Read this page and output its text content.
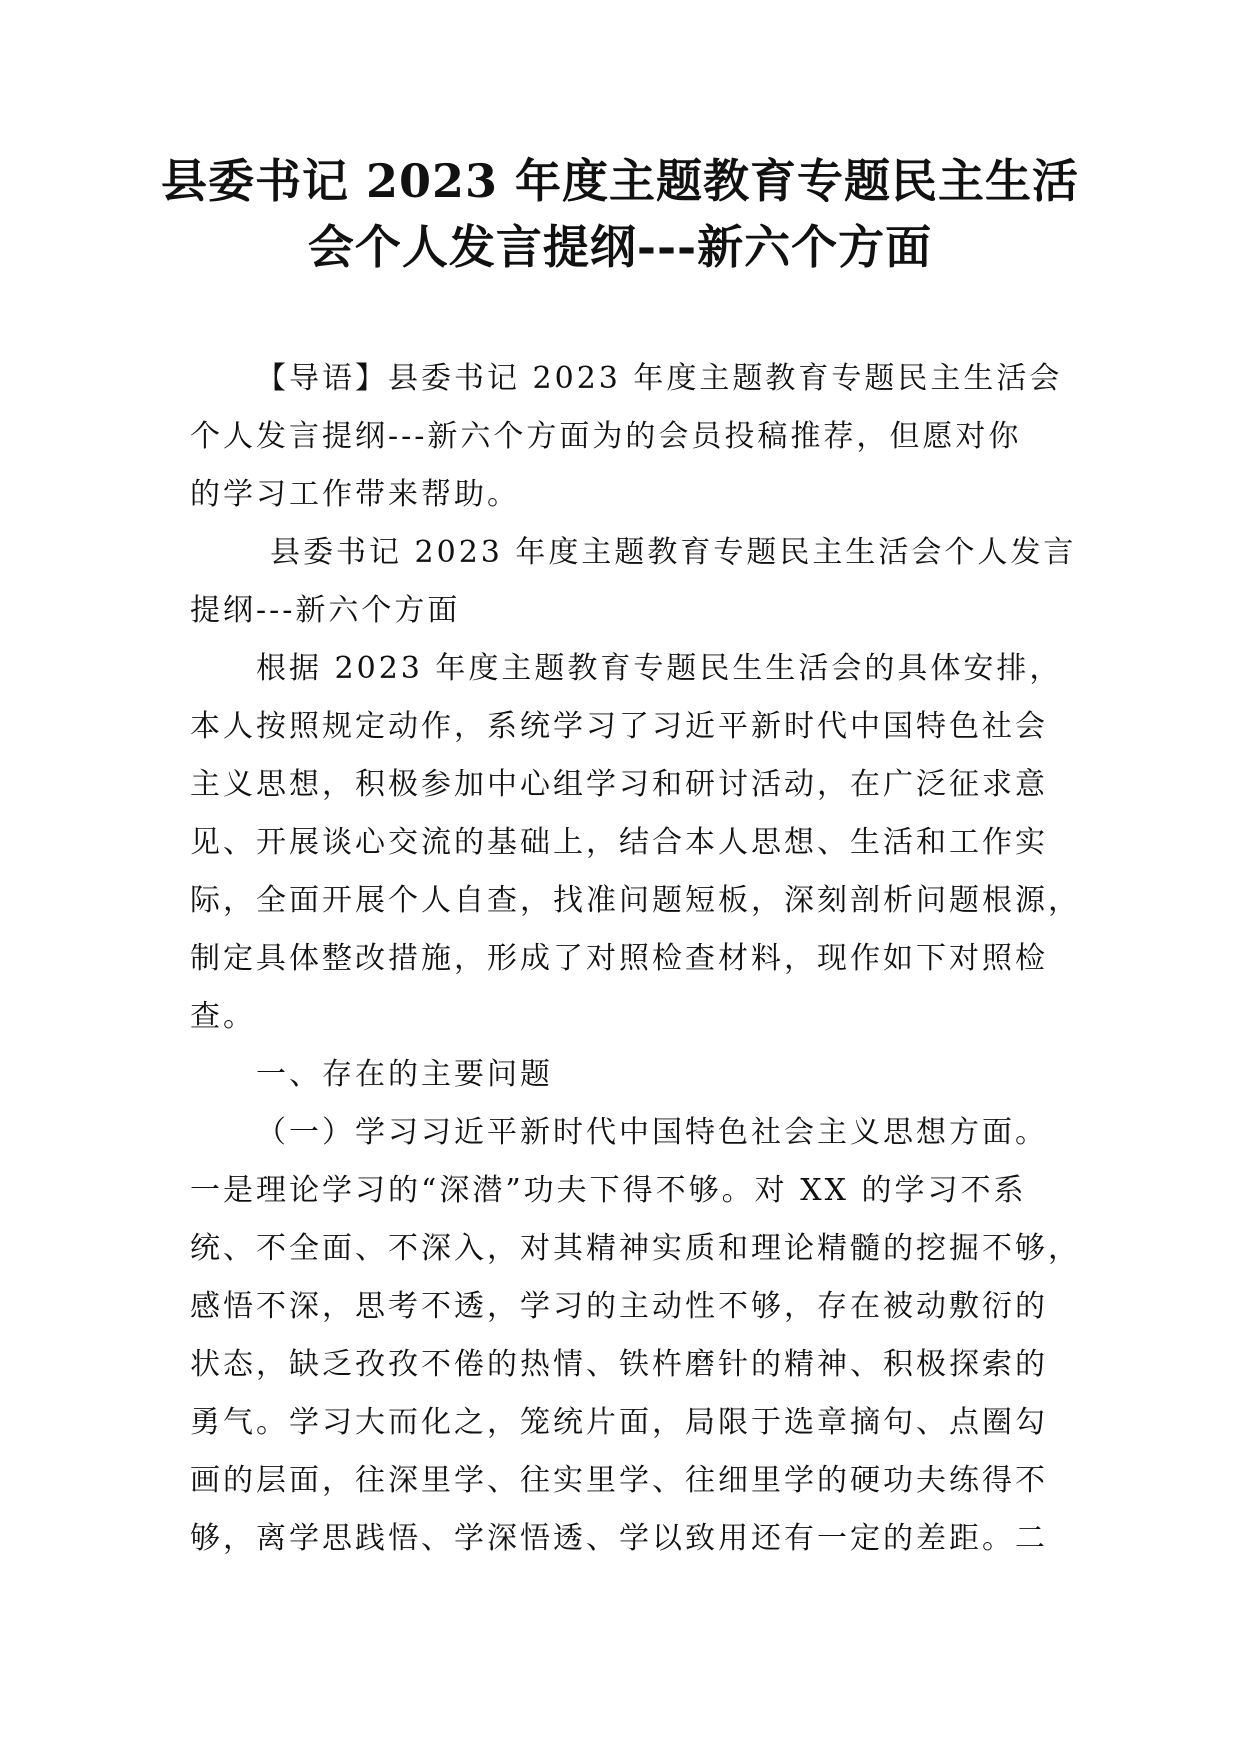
县委书记 2023 年度主题教育专题民主生活
会个人发言提纲---新六个方面

【导语】县委书记 2023 年度主题教育专题民主生活会
个人发言提纲---新六个方面为的会员投稿推荐，但愿对你
的学习工作带来帮助。

县委书记 2023 年度主题教育专题民主生活会个人发言
提纲---新六个方面

根据 2023 年度主题教育专题民生生活会的具体安排，
本人按照规定动作，系统学习了习近平新时代中国特色社会
主义思想，积极参加中心组学习和研讨活动，在广泛征求意
见、开展谈心交流的基础上，结合本人思想、生活和工作实
际，全面开展个人自查，找准问题短板，深刻剖析问题根源，
制定具体整改措施，形成了对照检查材料，现作如下对照检
查。

一、存在的主要问题

（一）学习习近平新时代中国特色社会主义思想方面。
一是理论学习的“深潜”功夫下得不够。对 XX 的学习不系
统、不全面、不深入，对其精神实质和理论精髓的挖掘不够，
感悟不深，思考不透，学习的主动性不够，存在被动敷衍的
状态，缺乏孜孜不倦的热情、铁杵磨针的精神、积极探索的
勇气。学习大而化之，笼统片面，局限于选章摘句、点圈勾
画的层面，往深里学、往实里学、往细里学的硬功夫练得不
够，离学思践悟、学深悟透、学以致用还有一定的差距。二
